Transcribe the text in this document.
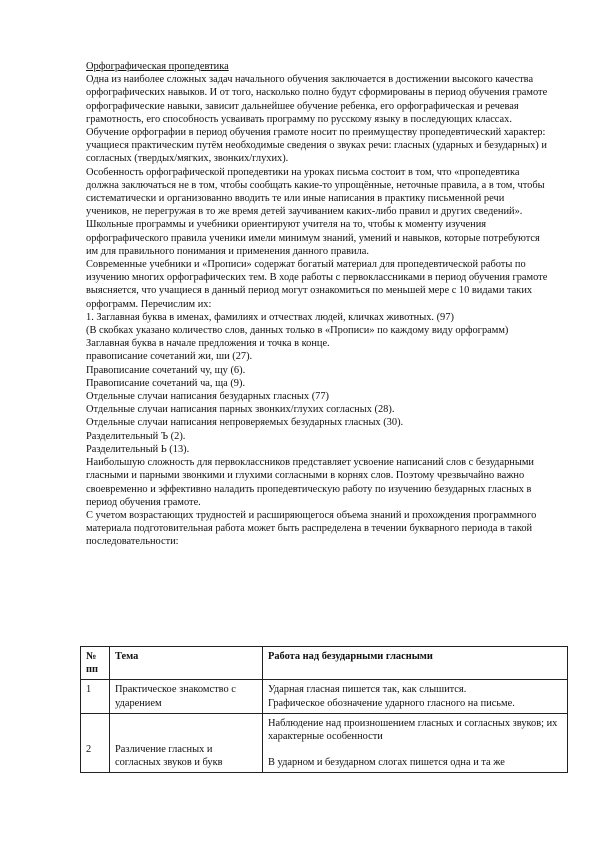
Орфографическая пропедевтика

Одна из наиболее сложных задач начального обучения заключается в достижении высокого качества орфографических навыков. И от того, насколько полно будут сформированы в период обучения грамоте орфографические навыки, зависит дальнейшее обучение ребенка, его орфографическая и речевая грамотность, его способность усваивать программу по русскому языку в последующих классах.

Обучение орфографии в период обучения грамоте носит по преимуществу пропедевтический характер: учащиеся практическим путём необходимые сведения о звуках речи: гласных (ударных и безударных) и согласных (твердых/мягких, звонких/глухих).

Особенность орфографической пропедевтики на уроках письма состоит в том, что «пропедевтика должна заключаться не в том, чтобы сообщать какие-то упрощённые, неточные правила, а в том, чтобы систематически и организованно вводить те или иные написания в практику письменной речи учеников, не перегружая в то же время детей заучиванием каких-либо правил и других сведений».

Школьные программы и учебники ориентируют учителя на то, чтобы к моменту изучения орфографического правила ученики имели минимум знаний, умений и навыков, которые потребуются им для правильного понимания и применения данного правила.

Современные учебники и «Прописи» содержат богатый материал для пропедевтической работы по изучению многих орфографических тем. В ходе работы с первоклассниками в период обучения грамоте выясняется, что учащиеся в данный период могут ознакомиться по меньшей мере с 10 видами таких орфограмм. Перечислим их:

1. Заглавная буква в именах, фамилиях и отчествах людей, кличках животных. (97)

(В скобках указано количество слов, данных только в «Прописи» по каждому виду орфограмм)

Заглавная буква в начале предложения и точка в конце.

правописание сочетаний жи, ши (27).

Правописание сочетаний чу, щу (6).

Правописание сочетаний ча, ща (9).

Отдельные случаи написания безударных гласных (77)

Отдельные случаи написания парных звонких/глухих согласных (28).

Отдельные случаи написания непроверяемых безударных гласных (30).

Разделительный Ъ (2).

Разделительный Ь (13).

Наибольшую сложность для первоклассников представляет усвоение написаний слов с безударными гласными и парными звонкими и глухими согласными в корнях слов. Поэтому чрезвычайно важно своевременно и эффективно наладить пропедевтическую работу по изучению безударных гласных в период обучения грамоте.

С учетом возрастающих трудностей и расширяющегося объема знаний и прохождения программного материала подготовительная работа может быть распределена в течении букварного периода в такой последовательности:

№ пп	Тема	Работа над безударными гласными
1	Практическое знакомство с ударением	Ударная гласная пишется так, как слышится.
Графическое обозначение ударного гласного на письме.

2	Различение гласных и согласных звуков и букв	Наблюдение над произношением гласных и согласных звуков; их характерные особенности
В ударном и безударном слогах пишется одна и та же
